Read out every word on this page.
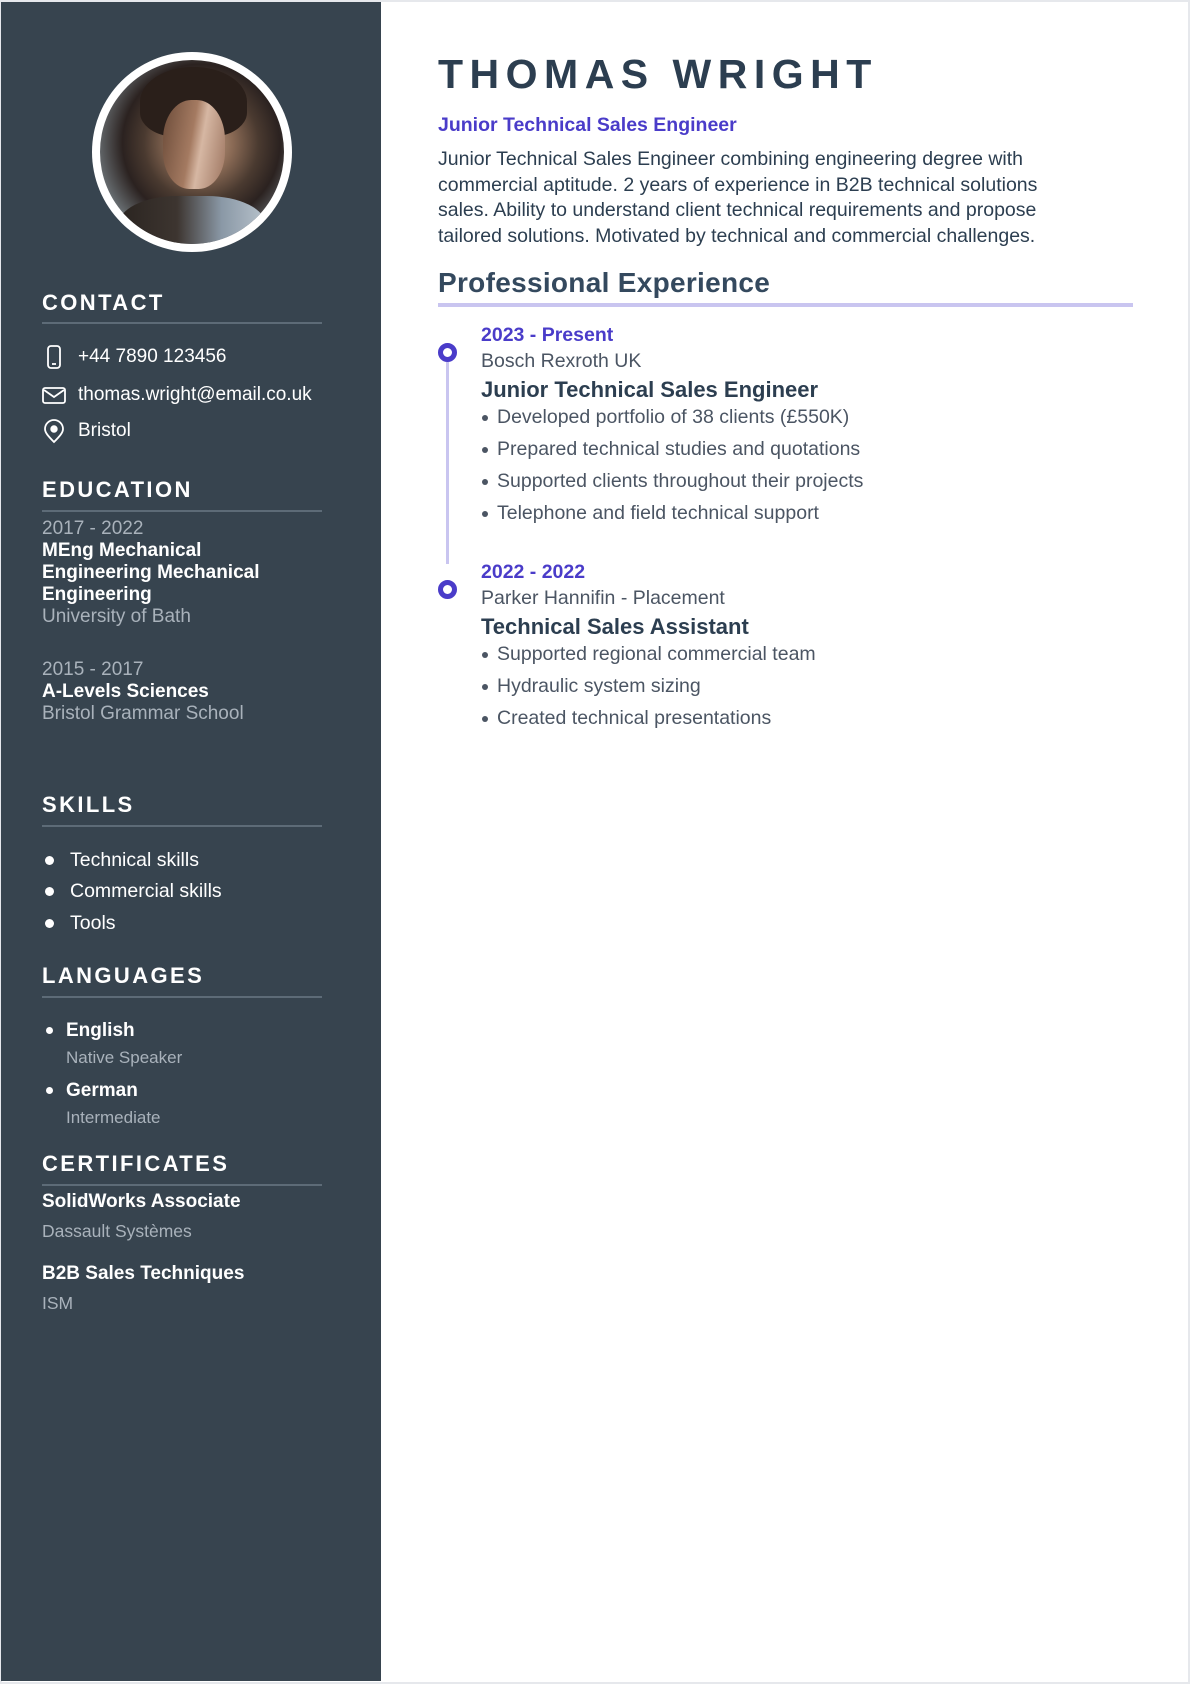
CONTACT
+44 7890 123456
thomas.wright@email.co.uk
Bristol
EDUCATION
2017 - 2022
MEng Mechanical
Engineering Mechanical
Engineering
University of Bath
2015 - 2017
A-Levels Sciences
Bristol Grammar School
SKILLS
Technical skills
Commercial skills
Tools
LANGUAGES
English
Native Speaker
German
Intermediate
CERTIFICATES
SolidWorks Associate
Dassault Systèmes
B2B Sales Techniques
ISM
THOMAS WRIGHT
Junior Technical Sales Engineer
Junior Technical Sales Engineer combining engineering degree with
commercial aptitude. 2 years of experience in B2B technical solutions
sales. Ability to understand client technical requirements and propose
tailored solutions. Motivated by technical and commercial challenges.
Professional Experience
2023 - Present
Bosch Rexroth UK
Junior Technical Sales Engineer
Developed portfolio of 38 clients (£550K)
Prepared technical studies and quotations
Supported clients throughout their projects
Telephone and field technical support
2022 - 2022
Parker Hannifin - Placement
Technical Sales Assistant
Supported regional commercial team
Hydraulic system sizing
Created technical presentations
